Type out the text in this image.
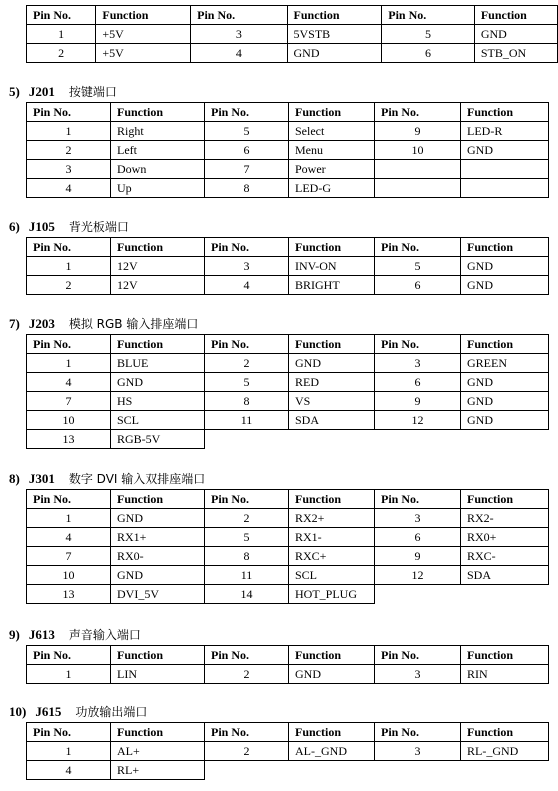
Pin No.	Function	Pin No.	Function	Pin No.	Function
1	+5V	3	5VSTB	5	GND
2	+5V	4	GND	6	STB_ON
5) J201 按键端口
Pin No.	Function	Pin No.	Function	Pin No.	Function
1	Right	5	Select	9	LED-R
2	Left	6	Menu	10	GND
3	Down	7	Power		
4	Up	8	LED-G		
6) J105 背光板端口
Pin No.	Function	Pin No.	Function	Pin No.	Function
1	12V	3	INV-ON	5	GND
2	12V	4	BRIGHT	6	GND
7) J203 模拟 RGB 输入排座端口
Pin No.	Function	Pin No.	Function	Pin No.	Function
1	BLUE	2	GND	3	GREEN
4	GND	5	RED	6	GND
7	HS	8	VS	9	GND
10	SCL	11	SDA	12	GND
13	RGB-5V				
8) J301 数字 DVI 输入双排座端口
Pin No.	Function	Pin No.	Function	Pin No.	Function
1	GND	2	RX2+	3	RX2-
4	RX1+	5	RX1-	6	RX0+
7	RX0-	8	RXC+	9	RXC-
10	GND	11	SCL	12	SDA
13	DVI_5V	14	HOT_PLUG		
9) J613 声音输入端口
Pin No.	Function	Pin No.	Function	Pin No.	Function
1	LIN	2	GND	3	RIN
10) J615 功放输出端口
Pin No.	Function	Pin No.	Function	Pin No.	Function
1	AL+	2	AL-_GND	3	RL-_GND
4	RL+				
